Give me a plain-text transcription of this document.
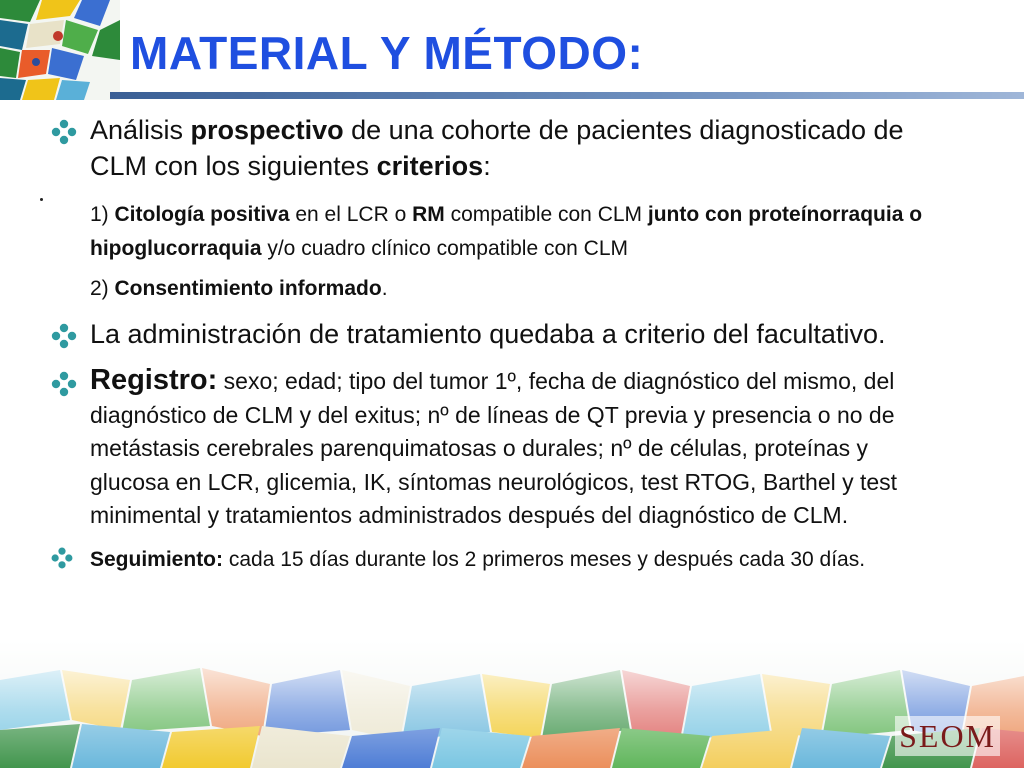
MATERIAL Y MÉTODO:
Análisis prospectivo de una cohorte de pacientes diagnosticado de CLM con los siguientes criterios:
1) Citología positiva en el LCR o RM compatible con CLM junto con proteínorraquia o hipoglucorraquia y/o cuadro clínico compatible con CLM
2) Consentimiento informado.
La administración de tratamiento quedaba a criterio del facultativo.
Registro: sexo; edad; tipo del tumor 1º, fecha de diagnóstico del mismo, del diagnóstico de CLM y del exitus; nº de líneas de QT previa y presencia o no de metástasis cerebrales parenquimatosas o durales; nº de células, proteínas y glucosa en LCR, glicemia, IK, síntomas neurológicos, test RTOG, Barthel y test minimental y tratamientos administrados después del diagnóstico de CLM.
Seguimiento: cada 15 días durante los 2 primeros meses y después cada 30 días.
SEOM
